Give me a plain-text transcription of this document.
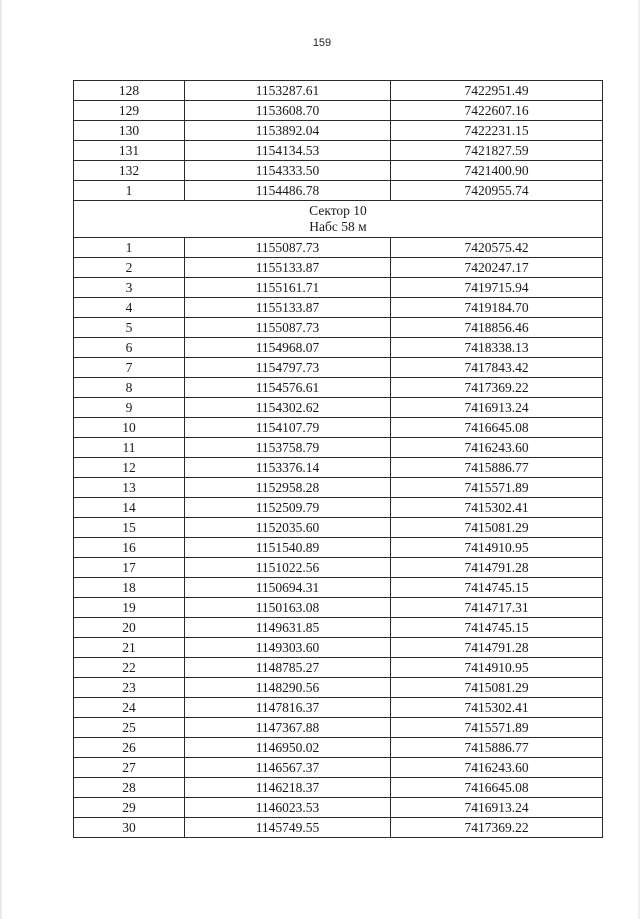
159
128	1153287.61	7422951.49
129	1153608.70	7422607.16
130	1153892.04	7422231.15
131	1154134.53	7421827.59
132	1154333.50	7421400.90
1	1154486.78	7420955.74

Сектор 10
Набс 58 м		

1	1155087.73	7420575.42
2	1155133.87	7420247.17
3	1155161.71	7419715.94
4	1155133.87	7419184.70
5	1155087.73	7418856.46
6	1154968.07	7418338.13
7	1154797.73	7417843.42
8	1154576.61	7417369.22
9	1154302.62	7416913.24
10	1154107.79	7416645.08
11	1153758.79	7416243.60
12	1153376.14	7415886.77
13	1152958.28	7415571.89
14	1152509.79	7415302.41
15	1152035.60	7415081.29
16	1151540.89	7414910.95
17	1151022.56	7414791.28
18	1150694.31	7414745.15
19	1150163.08	7414717.31
20	1149631.85	7414745.15
21	1149303.60	7414791.28
22	1148785.27	7414910.95
23	1148290.56	7415081.29
24	1147816.37	7415302.41
25	1147367.88	7415571.89
26	1146950.02	7415886.77
27	1146567.37	7416243.60
28	1146218.37	7416645.08
29	1146023.53	7416913.24
30	1145749.55	7417369.22
